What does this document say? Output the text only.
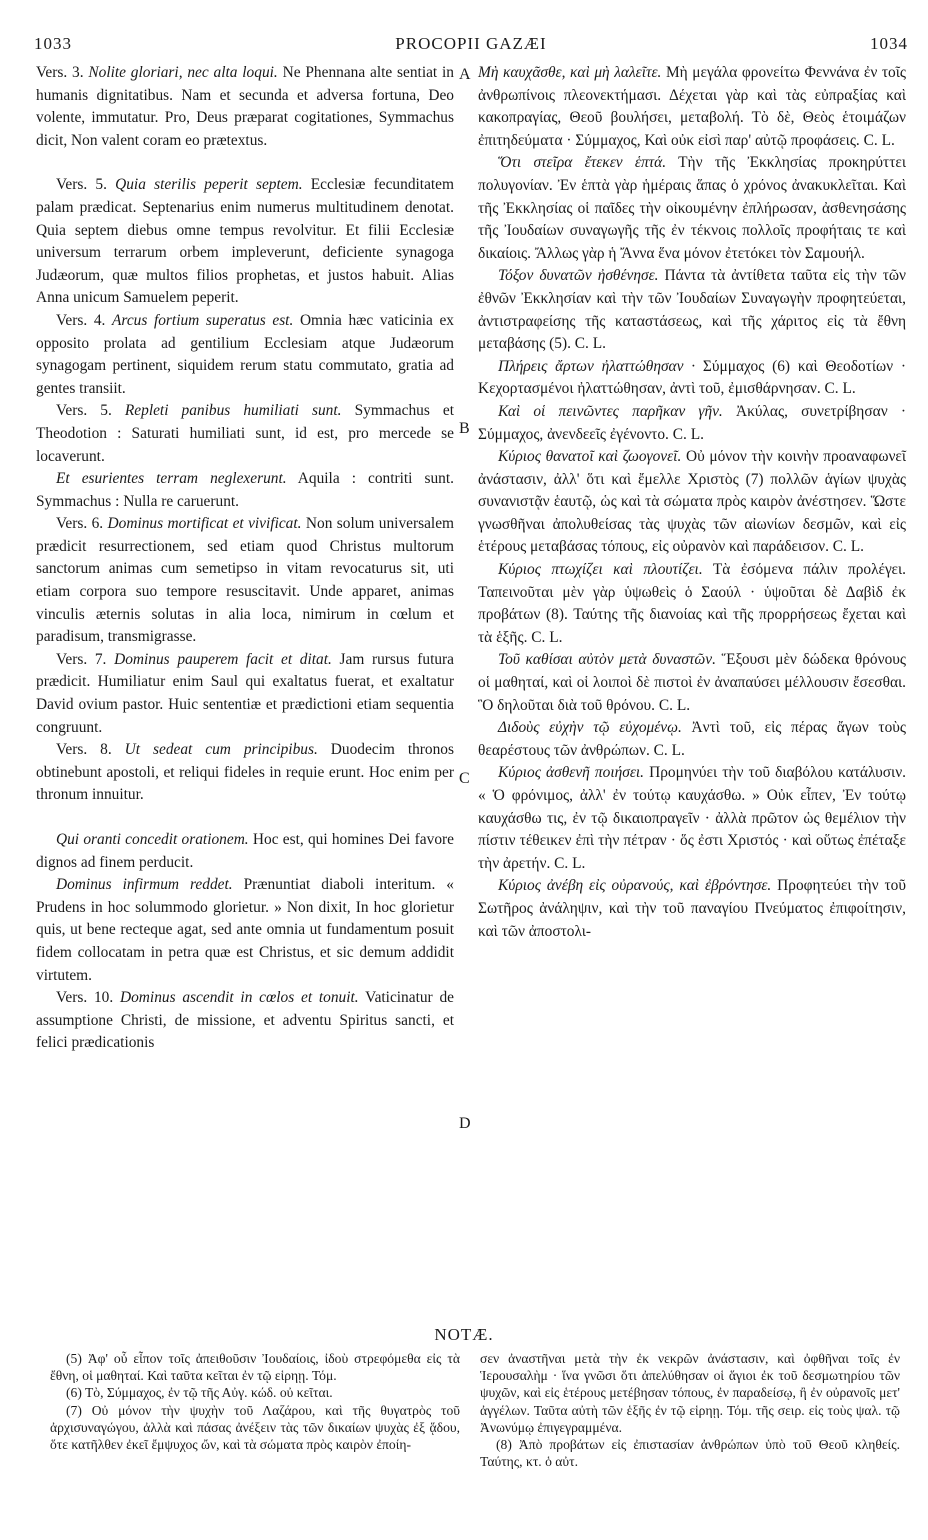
1033	PROCOPII GAZÆI	1034
A
B
C
D

Vers. 3. Nolite gloriari, nec alta loqui. Ne Phennana alte sentiat in humanis dignitatibus. Nam et secunda et adversa fortuna, Deo volente, immutatur. Pro, Deus præparat cogitationes, Symmachus dicit, Non valent coram eo prætextus.

Vers. 5. Quia sterilis peperit septem. Ecclesiæ fecunditatem palam prædicat. Septenarius enim numerus multitudinem denotat. Quia septem diebus omne tempus revolvitur. Et filii Ecclesiæ universum terrarum orbem impleverunt, deficiente synagoga Judæorum, quæ multos filios prophetas, et justos habuit. Alias Anna unicum Samuelem peperit.

Vers. 4. Arcus fortium superatus est. Omnia hæc vaticinia ex opposito prolata ad gentilium Ecclesiam atque Judæorum synagogam pertinent, siquidem rerum statu commutato, gratia ad gentes transiit.

Vers. 5. Repleti panibus humiliati sunt. Symmachus et Theodotion : Saturati humiliati sunt, id est, pro mercede se locaverunt.

Et esurientes terram neglexerunt. Aquila : contriti sunt. Symmachus : Nulla re caruerunt.

Vers. 6. Dominus mortificat et vivificat. Non solum universalem prædicit resurrectionem, sed etiam quod Christus multorum sanctorum animas cum semetipso in vitam revocaturus sit, uti etiam corpora suo tempore resuscitavit. Unde apparet, animas vinculis æternis solutas in alia loca, nimirum in cœlum et paradisum, transmigrasse.

Vers. 7. Dominus pauperem facit et ditat. Jam rursus futura prædicit. Humiliatur enim Saul qui exaltatus fuerat, et exaltatur David ovium pastor. Huic sententiæ et prædictioni etiam sequentia congruunt.

Vers. 8. Ut sedeat cum principibus. Duodecim thronos obtinebunt apostoli, et reliqui fideles in requie erunt. Hoc enim per thronum innuitur.

Qui oranti concedit orationem. Hoc est, qui homines Dei favore dignos ad finem perducit.

Dominus infirmum reddet. Prænuntiat diaboli interitum. « Prudens in hoc solummodo glorietur. » Non dixit, In hoc glorietur quis, ut bene recteque agat, sed ante omnia ut fundamentum posuit fidem collocatam in petra quæ est Christus, et sic demum addidit virtutem.

Vers. 10. Dominus ascendit in cœlos et tonuit. Vaticinatur de assumptione Christi, de missione, et adventu Spiritus sancti, et felici prædicationis

Μὴ καυχᾶσθε, καὶ μὴ λαλεῖτε. Μὴ μεγάλα φρονείτω Φεννάνα ἐν τοῖς ἀνθρωπίνοις πλεονεκτήμασι. Δέχεται γὰρ καὶ τὰς εὐπραξίας καὶ κακοπραγίας, Θεοῦ βουλήσει, μεταβολή. Τὸ δὲ, Θεὸς ἑτοιμάζων ἐπιτηδεύματα · Σύμμαχος, Καὶ οὐκ εἰσὶ παρ' αὐτῷ προφάσεις. C. L.

Ὅτι στεῖρα ἔτεκεν ἑπτά. Τὴν τῆς Ἐκκλησίας προκηρύττει πολυγονίαν. Ἐν ἑπτὰ γὰρ ἡμέραις ἅπας ὁ χρόνος ἀνακυκλεῖται. Καὶ τῆς Ἐκκλησίας οἱ παῖδες τὴν οἰκουμένην ἐπλήρωσαν, ἀσθενησάσης τῆς Ἰουδαίων συναγωγῆς τῆς ἐν τέκνοις πολλοῖς προφήταις τε καὶ δικαίοις. Ἄλλως γὰρ ἡ Ἄννα ἕνα μόνον ἐτετόκει τὸν Σαμουήλ.

Τόξον δυνατῶν ἠσθένησε. Πάντα τὰ ἀντίθετα ταῦτα εἰς τὴν τῶν ἐθνῶν Ἐκκλησίαν καὶ τὴν τῶν Ἰουδαίων Συναγωγὴν προφητεύεται, ἀντιστραφείσης τῆς καταστάσεως, καὶ τῆς χάριτος εἰς τὰ ἔθνη μεταβάσης (5). C. L.

Πλήρεις ἄρτων ἠλαττώθησαν · Σύμμαχος (6) καὶ Θεοδοτίων · Κεχορτασμένοι ἠλαττώθησαν, ἀντὶ τοῦ, ἐμισθάρνησαν. C. L.

Καὶ οἱ πεινῶντες παρῆκαν γῆν. Ἀκύλας, συνετρίβησαν · Σύμμαχος, ἀνενδεεῖς ἐγένοντο. C. L.

Κύριος θανατοῖ καὶ ζωογονεῖ. Οὐ μόνον τὴν κοινὴν προαναφωνεῖ ἀνάστασιν, ἀλλ' ὅτι καὶ ἔμελλε Χριστὸς (7) πολλῶν ἁγίων ψυχὰς συνανιστᾷν ἑαυτῷ, ὡς καὶ τὰ σώματα πρὸς καιρὸν ἀνέστησεν. Ὥστε γνωσθῆναι ἀπολυθείσας τὰς ψυχὰς τῶν αἰωνίων δεσμῶν, καὶ εἰς ἑτέρους μεταβάσας τόπους, εἰς οὐρανὸν καὶ παράδεισον. C. L.

Κύριος πτωχίζει καὶ πλουτίζει. Τὰ ἐσόμενα πάλιν προλέγει. Ταπεινοῦται μὲν γὰρ ὑψωθεὶς ὁ Σαούλ · ὑψοῦται δὲ Δαβὶδ ἐκ προβάτων (8). Ταύτης τῆς διανοίας καὶ τῆς προρρήσεως ἔχεται καὶ τὰ ἑξῆς. C. L.

Τοῦ καθίσαι αὐτὸν μετὰ δυναστῶν. Ἕξουσι μὲν δώδεκα θρόνους οἱ μαθηταί, καὶ οἱ λοιποὶ δὲ πιστοὶ ἐν ἀναπαύσει μέλλουσιν ἔσεσθαι. Ὃ δηλοῦται διὰ τοῦ θρόνου. C. L.

Διδοὺς εὐχὴν τῷ εὐχομένῳ. Ἀντὶ τοῦ, εἰς πέρας ἄγων τοὺς θεαρέστους τῶν ἀνθρώπων. C. L.

Κύριος ἀσθενῆ ποιήσει. Προμηνύει τὴν τοῦ διαβόλου κατάλυσιν. « Ὁ φρόνιμος, ἀλλ' ἐν τούτῳ καυχάσθω. » Οὐκ εἶπεν, Ἐν τούτῳ καυχάσθω τις, ἐν τῷ δικαιοπραγεῖν · ἀλλὰ πρῶτον ὡς θεμέλιον τὴν πίστιν τέθεικεν ἐπὶ τὴν πέτραν · ὅς ἐστι Χριστός · καὶ οὕτως ἐπέταξε τὴν ἀρετήν. C. L.

Κύριος ἀνέβη εἰς οὐρανούς, καὶ ἐβρόντησε. Προφητεύει τὴν τοῦ Σωτῆρος ἀνάληψιν, καὶ τὴν τοῦ παναγίου Πνεύματος ἐπιφοίτησιν, καὶ τῶν ἀποστολι-

NOTÆ.

(5) Ἀφ' οὗ εἶπον τοῖς ἀπειθοῦσιν Ἰουδαίοις, ἰδοὺ στρεφόμεθα εἰς τὰ ἔθνη, οἱ μαθηταί. Καὶ ταῦτα κεῖται ἐν τῷ εἱρηῃ. Τόμ.

(6) Τὸ, Σύμμαχος, ἐν τῷ τῆς Αὐγ. κώδ. οὐ κεῖται.

(7) Οὐ μόνον τὴν ψυχὴν τοῦ Λαζάρου, καὶ τῆς θυγατρὸς τοῦ ἀρχισυναγώγου, ἀλλὰ καὶ πάσας ἀνέξειν τὰς τῶν δικαίων ψυχὰς ἐξ ᾅδου, ὅτε κατῆλθεν ἐκεῖ ἔμψυχος ὤν, καὶ τὰ σώματα πρὸς καιρὸν ἐποίη-

σεν ἀναστῆναι μετὰ τὴν ἐκ νεκρῶν ἀνάστασιν, καὶ ὀφθῆναι τοῖς ἐν Ἱερουσαλὴμ · ἵνα γνῶσι ὅτι ἀπελύθησαν οἱ ἅγιοι ἐκ τοῦ δεσμωτηρίου τῶν ψυχῶν, καὶ εἰς ἑτέρους μετέβησαν τόπους, ἐν παραδείσῳ, ἢ ἐν οὐρανοῖς μετ' ἀγγέλων. Ταῦτα αὐτὴ τῶν ἑξῆς ἐν τῷ εἱρηῃ. Τόμ. τῆς σειρ. εἰς τοὺς ψαλ. τῷ Ἀνωνύμῳ ἐπιγεγραμμένα.

(8) Ἀπὸ προβάτων εἰς ἐπιστασίαν ἀνθρώπων ὑπὸ τοῦ Θεοῦ κληθείς. Ταύτης, κτ. ὁ αὐτ.
